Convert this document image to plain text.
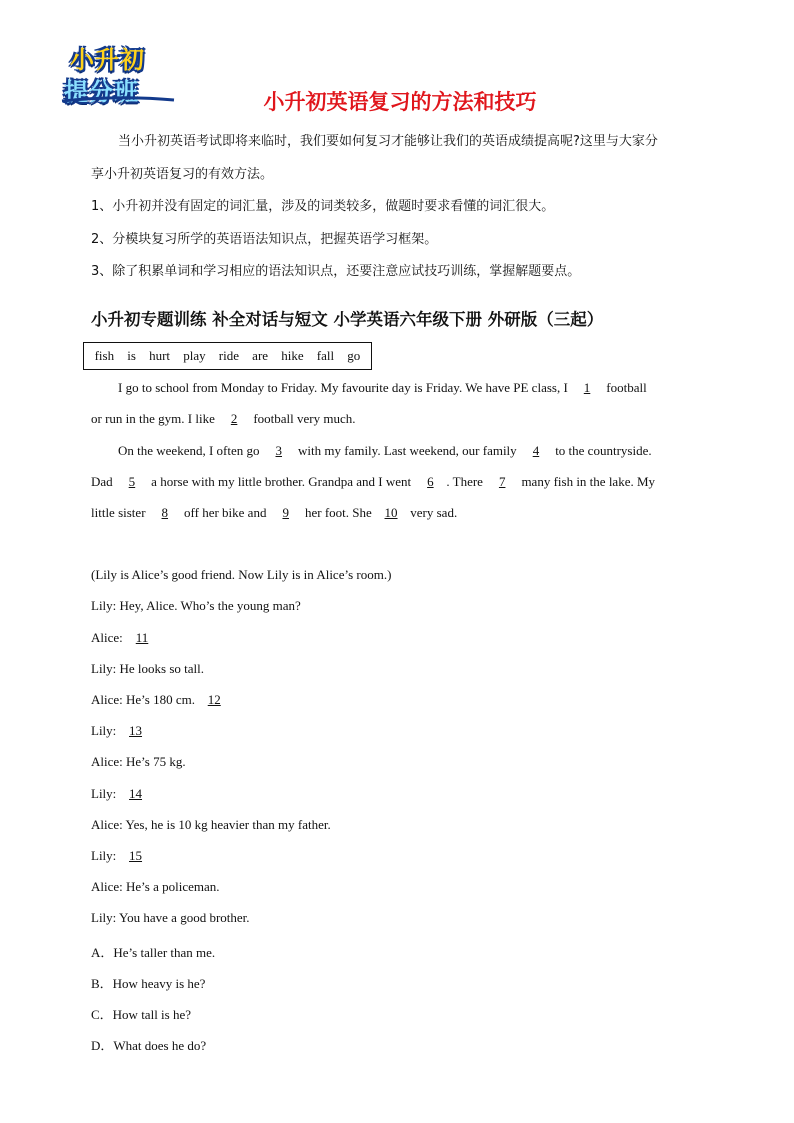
小升初
提分班	小升初英语复习的方法和技巧
当小升初英语考试即将来临时，我们要如何复习才能够让我们的英语成绩提高呢?这里与大家分
享小升初英语复习的有效方法。
1、小升初并没有固定的词汇量，涉及的词类较多，做题时要求看懂的词汇很大。
2、分模块复习所学的英语语法知识点，把握英语学习框架。
3、除了积累单词和学习相应的语法知识点，还要注意应试技巧训练，掌握解题要点。
小升初专题训练 补全对话与短文 小学英语六年级下册 外研版（三起）
fish is hurt play ride are hike fall go
I go to school from Monday to Friday. My favourite day is Friday. We have PE class, I 1 football
or run in the gym. I like 2 football very much.
On the weekend, I often go 3 with my family. Last weekend, our family 4 to the countryside.
Dad 5 a horse with my little brother. Grandpa and I went 6 . There 7 many fish in the lake. My
little sister 8 off her bike and 9 her foot. She 10 very sad.
(Lily is Alice’s good friend. Now Lily is in Alice’s room.)
Lily: Hey, Alice. Who’s the young man?
Alice: 11
Lily: He looks so tall.
Alice: He’s 180 cm. 12
Lily: 13
Alice: He’s 75 kg.
Lily: 14
Alice: Yes, he is 10 kg heavier than my father.
Lily: 15
Alice: He’s a policeman.
Lily: You have a good brother.
A．He’s taller than me.
B．How heavy is he?
C．How tall is he?
D．What does he do?
